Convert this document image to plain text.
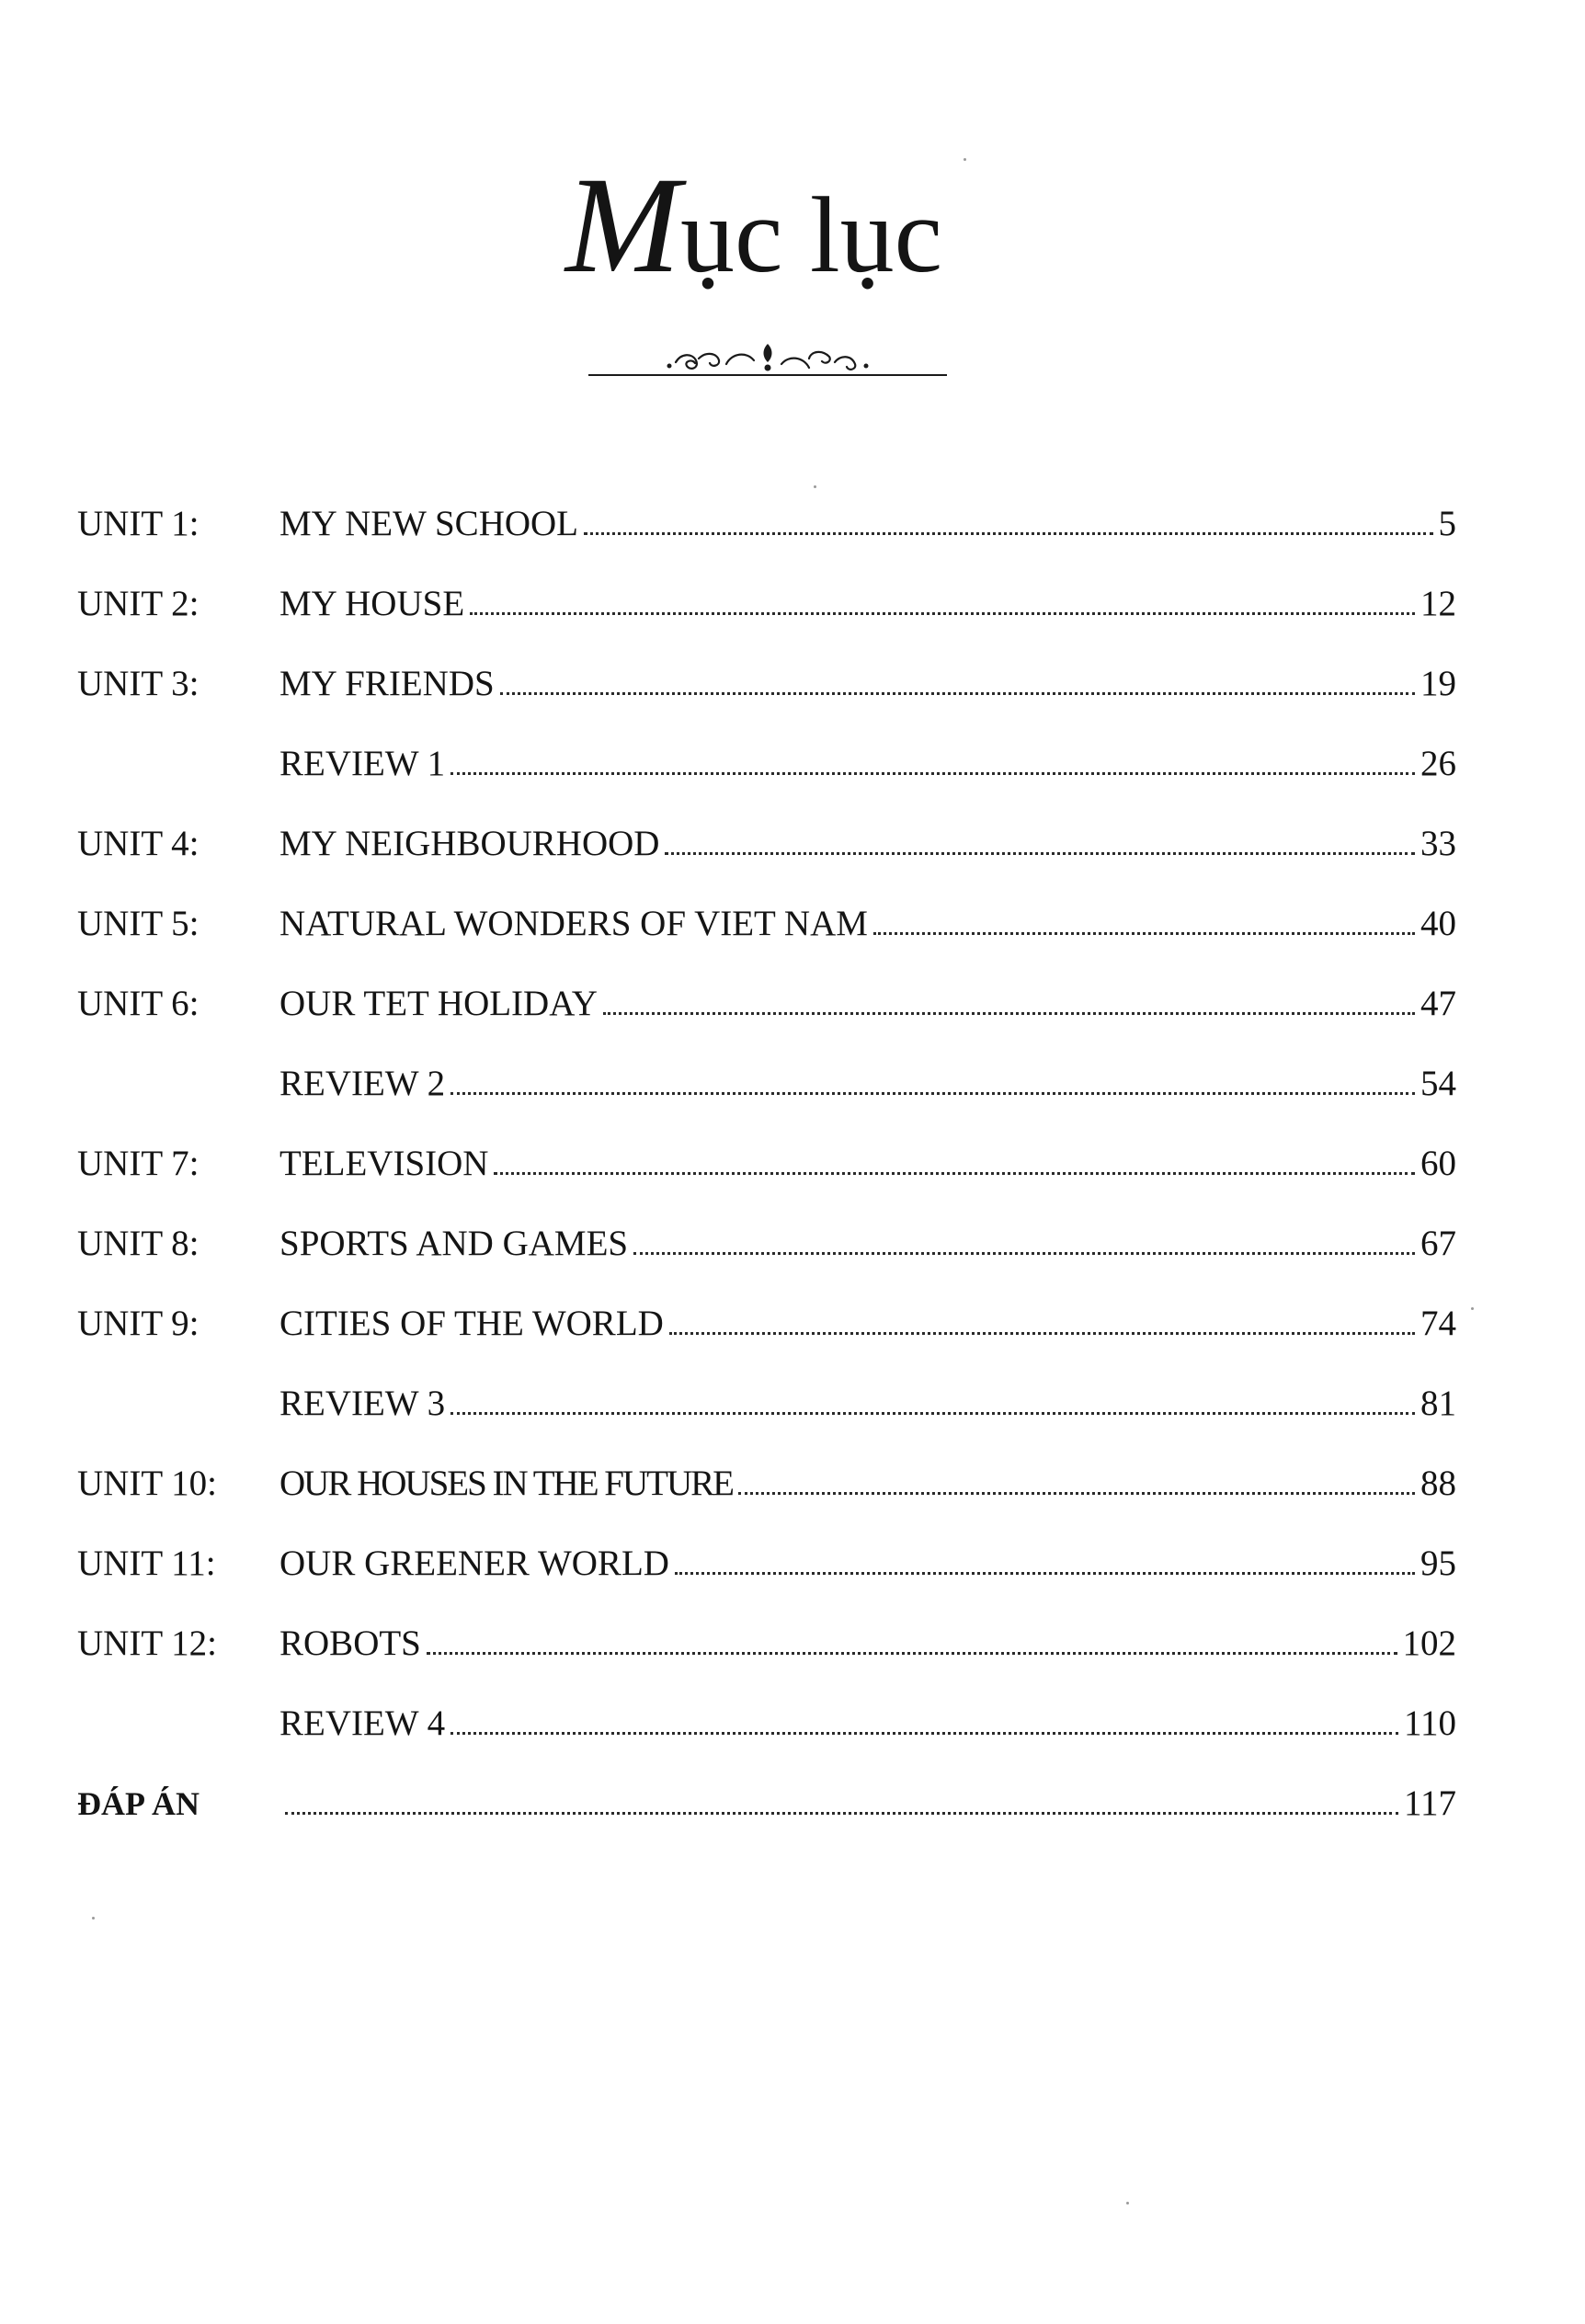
Mục lục
UNIT 1:	MY NEW SCHOOL	5
UNIT 2:	MY HOUSE	12
UNIT 3:	MY FRIENDS	19
REVIEW 1	26
UNIT 4:	MY NEIGHBOURHOOD	33
UNIT 5:	NATURAL WONDERS OF VIET NAM	40
UNIT 6:	OUR TET HOLIDAY	47
REVIEW 2	54
UNIT 7:	TELEVISION	60
UNIT 8:	SPORTS AND GAMES	67
UNIT 9:	CITIES OF THE WORLD	74
REVIEW 3	81
UNIT 10:	OUR HOUSES IN THE FUTURE	88
UNIT 11:	OUR GREENER WORLD	95
UNIT 12:	ROBOTS	102
REVIEW 4	110
ĐÁP ÁN	117
